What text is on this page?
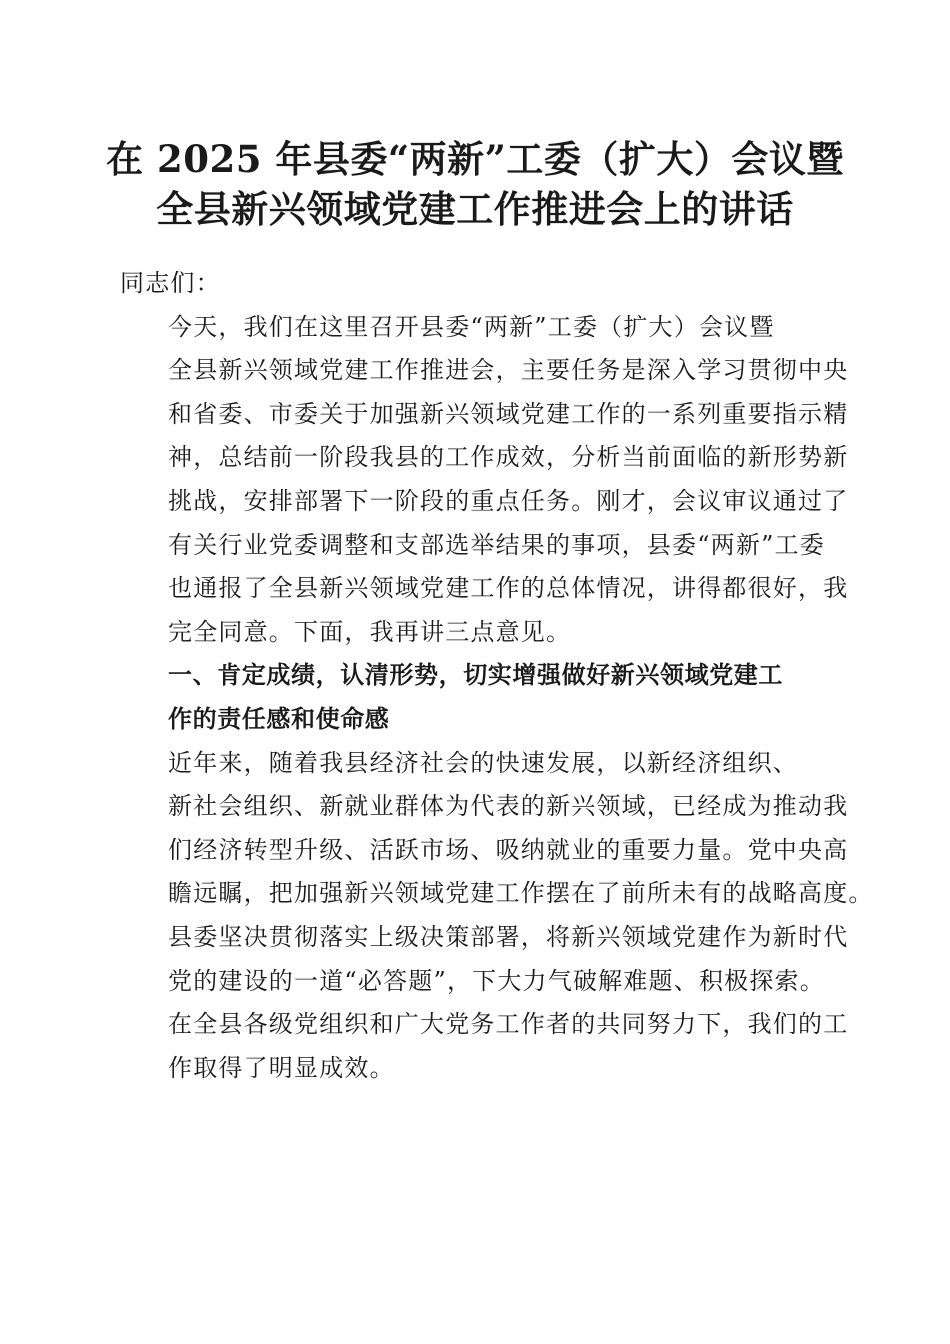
在 2025 年县委“两新”工委（扩大）会议暨
全县新兴领域党建工作推进会上的讲话

同志们：

今天，我们在这里召开县委“两新”工委（扩大）会议暨
全县新兴领域党建工作推进会，主要任务是深入学习贯彻中央
和省委、市委关于加强新兴领域党建工作的一系列重要指示精
神，总结前一阶段我县的工作成效，分析当前面临的新形势新
挑战，安排部署下一阶段的重点任务。刚才，会议审议通过了
有关行业党委调整和支部选举结果的事项，县委“两新”工委
也通报了全县新兴领域党建工作的总体情况，讲得都很好，我
完全同意。下面，我再讲三点意见。

一、肯定成绩，认清形势，切实增强做好新兴领域党建工
作的责任感和使命感

近年来，随着我县经济社会的快速发展，以新经济组织、
新社会组织、新就业群体为代表的新兴领域，已经成为推动我
们经济转型升级、活跃市场、吸纳就业的重要力量。党中央高
瞻远瞩，把加强新兴领域党建工作摆在了前所未有的战略高度。
县委坚决贯彻落实上级决策部署，将新兴领域党建作为新时代
党的建设的一道“必答题”，下大力气破解难题、积极探索。
在全县各级党组织和广大党务工作者的共同努力下，我们的工
作取得了明显成效。
